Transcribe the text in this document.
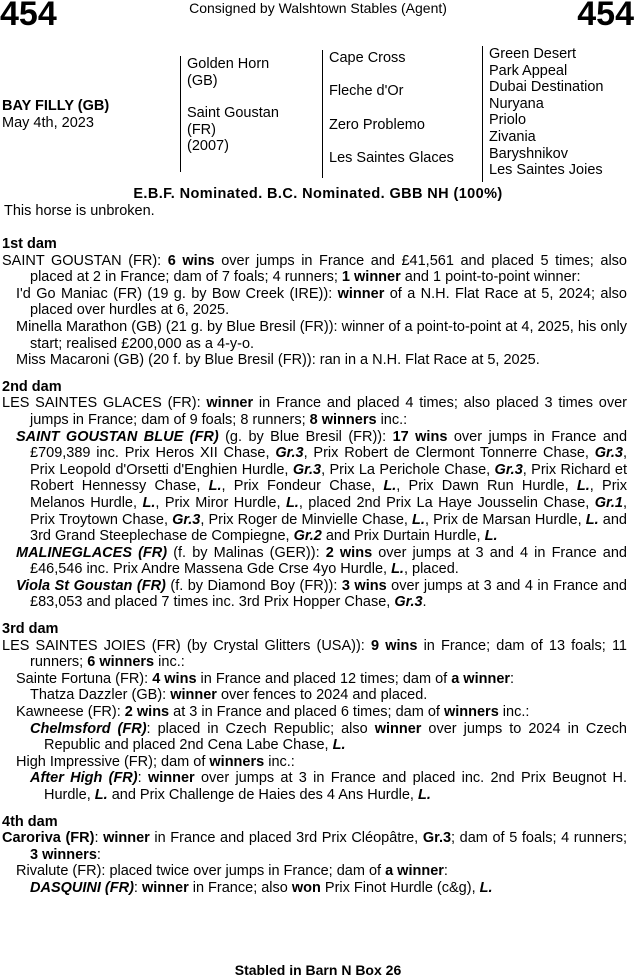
454	Consigned by Walshtown Stables (Agent)	454
BAY FILLY (GB)
May 4th, 2023
Golden Horn
(GB)
Saint Goustan
(FR)
(2007)
Cape Cross
Fleche d'Or
Zero Problemo
Les Saintes Glaces
Green Desert
Park Appeal
Dubai Destination
Nuryana
Priolo
Zivania
Baryshnikov
Les Saintes Joies
E.B.F. Nominated. B.C. Nominated. GBB NH (100%)
This horse is unbroken.
1st dam

SAINT GOUSTAN (FR): 6 wins over jumps in France and £41,561 and placed 5 times; also placed at 2 in France; dam of 7 foals; 4 runners; 1 winner and 1 point-to-point winner:

I'd Go Maniac (FR) (19 g. by Bow Creek (IRE)): winner of a N.H. Flat Race at 5, 2024; also placed over hurdles at 6, 2025.

Minella Marathon (GB) (21 g. by Blue Bresil (FR)): winner of a point-to-point at 4, 2025, his only start; realised £200,000 as a 4-y-o.

Miss Macaroni (GB) (20 f. by Blue Bresil (FR)): ran in a N.H. Flat Race at 5, 2025.

2nd dam

LES SAINTES GLACES (FR): winner in France and placed 4 times; also placed 3 times over jumps in France; dam of 9 foals; 8 runners; 8 winners inc.:

SAINT GOUSTAN BLUE (FR) (g. by Blue Bresil (FR)): 17 wins over jumps in France and £709,389 inc. Prix Heros XII Chase, Gr.3, Prix Robert de Clermont Tonnerre Chase, Gr.3, Prix Leopold d'Orsetti d'Enghien Hurdle, Gr.3, Prix La Perichole Chase, Gr.3, Prix Richard et Robert Hennessy Chase, L., Prix Fondeur Chase, L., Prix Dawn Run Hurdle, L., Prix Melanos Hurdle, L., Prix Miror Hurdle, L., placed 2nd Prix La Haye Jousselin Chase, Gr.1, Prix Troytown Chase, Gr.3, Prix Roger de Minvielle Chase, L., Prix de Marsan Hurdle, L. and 3rd Grand Steeplechase de Compiegne, Gr.2 and Prix Durtain Hurdle, L.

MALINEGLACES (FR) (f. by Malinas (GER)): 2 wins over jumps at 3 and 4 in France and £46,546 inc. Prix Andre Massena Gde Crse 4yo Hurdle, L., placed.

Viola St Goustan (FR) (f. by Diamond Boy (FR)): 3 wins over jumps at 3 and 4 in France and £83,053 and placed 7 times inc. 3rd Prix Hopper Chase, Gr.3.

3rd dam

LES SAINTES JOIES (FR) (by Crystal Glitters (USA)): 9 wins in France; dam of 13 foals; 11 runners; 6 winners inc.:

Sainte Fortuna (FR): 4 wins in France and placed 12 times; dam of a winner:

Thatza Dazzler (GB): winner over fences to 2024 and placed.

Kawneese (FR): 2 wins at 3 in France and placed 6 times; dam of winners inc.:

Chelmsford (FR): placed in Czech Republic; also winner over jumps to 2024 in Czech Republic and placed 2nd Cena Labe Chase, L.

High Impressive (FR); dam of winners inc.:

After High (FR): winner over jumps at 3 in France and placed inc. 2nd Prix Beugnot H. Hurdle, L. and Prix Challenge de Haies des 4 Ans Hurdle, L.

4th dam

Caroriva (FR): winner in France and placed 3rd Prix Cléopâtre, Gr.3; dam of 5 foals; 4 runners; 3 winners:

Rivalute (FR): placed twice over jumps in France; dam of a winner:

DASQUINI (FR): winner in France; also won Prix Finot Hurdle (c&g), L.

Stabled in Barn N Box 26
